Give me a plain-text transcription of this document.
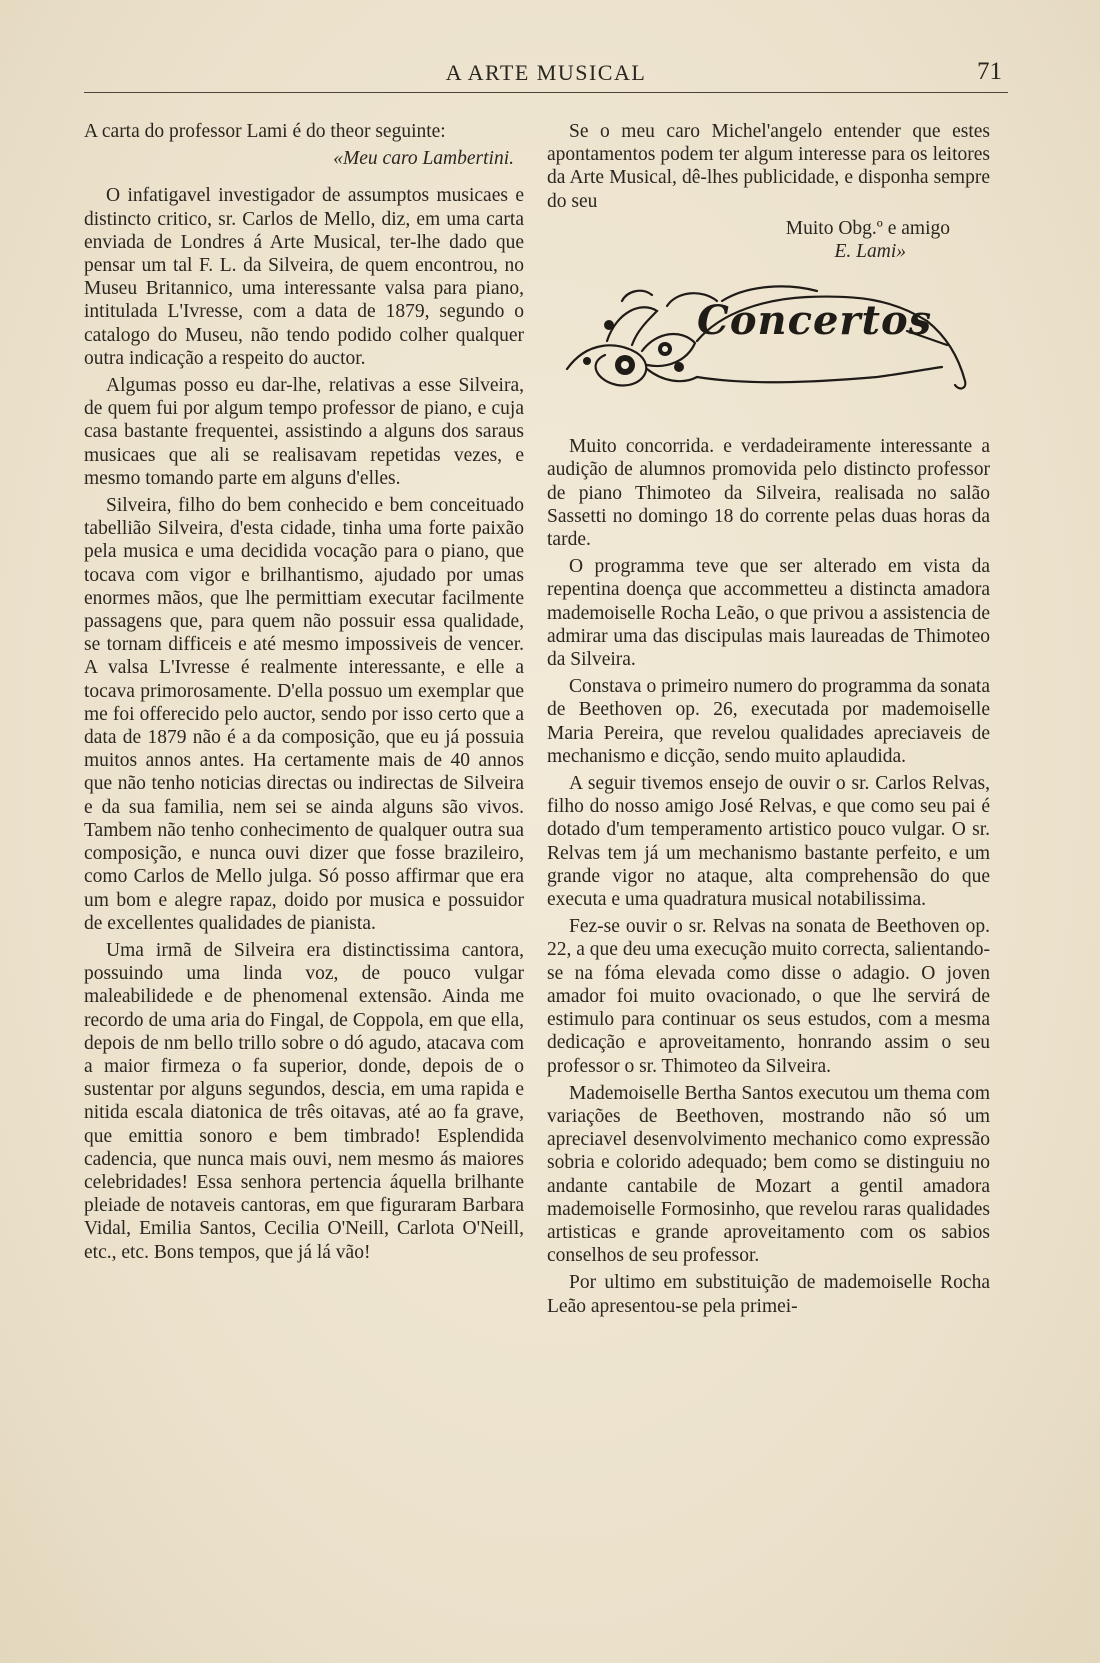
A ARTE MUSICAL	71

A carta do professor Lami é do theor seguinte:

«Meu caro Lambertini.

O infatigavel investigador de assumptos musicaes e distincto critico, sr. Carlos de Mello, diz, em uma carta enviada de Londres á Arte Musical, ter-lhe dado que pensar um tal F. L. da Silveira, de quem encontrou, no Museu Britannico, uma interessante valsa para piano, intitulada L'Ivresse, com a data de 1879, segundo o catalogo do Museu, não tendo podido colher qualquer outra indicação a respeito do auctor.

Algumas posso eu dar-lhe, relativas a esse Silveira, de quem fui por algum tempo professor de piano, e cuja casa bastante frequentei, assistindo a alguns dos saraus musicaes que ali se realisavam repetidas vezes, e mesmo tomando parte em alguns d'elles.

Silveira, filho do bem conhecido e bem conceituado tabellião Silveira, d'esta cidade, tinha uma forte paixão pela musica e uma decidida vocação para o piano, que tocava com vigor e brilhantismo, ajudado por umas enormes mãos, que lhe permittiam executar facilmente passagens que, para quem não possuir essa qualidade, se tornam difficeis e até mesmo impossiveis de vencer. A valsa L'Ivresse é realmente interessante, e elle a tocava primorosamente. D'ella possuo um exemplar que me foi offerecido pelo auctor, sendo por isso certo que a data de 1879 não é a da composição, que eu já possuia muitos annos antes. Ha certamente mais de 40 annos que não tenho noticias directas ou indirectas de Silveira e da sua familia, nem sei se ainda alguns são vivos. Tambem não tenho conhecimento de qualquer outra sua composição, e nunca ouvi dizer que fosse brazileiro, como Carlos de Mello julga. Só posso affirmar que era um bom e alegre rapaz, doido por musica e possuidor de excellentes qualidades de pianista.

Uma irmã de Silveira era distinctissima cantora, possuindo uma linda voz, de pouco vulgar maleabilidede e de phenomenal extensão. Ainda me recordo de uma aria do Fingal, de Coppola, em que ella, depois de nm bello trillo sobre o dó agudo, atacava com a maior firmeza o fa superior, donde, depois de o sustentar por alguns segundos, descia, em uma rapida e nitida escala diatonica de três oitavas, até ao fa grave, que emittia sonoro e bem timbrado! Esplendida cadencia, que nunca mais ouvi, nem mesmo ás maiores celebridades! Essa senhora pertencia áquella brilhante pleiade de notaveis cantoras, em que figuraram Barbara Vidal, Emilia Santos, Cecilia O'Neill, Carlota O'Neill, etc., etc. Bons tempos, que já lá vão!

Se o meu caro Michel'angelo entender que estes apontamentos podem ter algum interesse para os leitores da Arte Musical, dê-lhes publicidade, e disponha sempre do seu

Muito Obg.º e amigo
E. Lami»
Concertos

Muito concorrida. e verdadeiramente interessante a audição de alumnos promovida pelo distincto professor de piano Thimoteo da Silveira, realisada no salão Sassetti no domingo 18 do corrente pelas duas horas da tarde.

O programma teve que ser alterado em vista da repentina doença que accommetteu a distincta amadora mademoiselle Rocha Leão, o que privou a assistencia de admirar uma das discipulas mais laureadas de Thimoteo da Silveira.

Constava o primeiro numero do programma da sonata de Beethoven op. 26, executada por mademoiselle Maria Pereira, que revelou qualidades apreciaveis de mechanismo e dicção, sendo muito aplaudida.

A seguir tivemos ensejo de ouvir o sr. Carlos Relvas, filho do nosso amigo José Relvas, e que como seu pai é dotado d'um temperamento artistico pouco vulgar. O sr. Relvas tem já um mechanismo bastante perfeito, e um grande vigor no ataque, alta comprehensão do que executa e uma quadratura musical notabilissima.

Fez-se ouvir o sr. Relvas na sonata de Beethoven op. 22, a que deu uma execução muito correcta, salientando-se na fóma elevada como disse o adagio. O joven amador foi muito ovacionado, o que lhe servirá de estimulo para continuar os seus estudos, com a mesma dedicação e aproveitamento, honrando assim o seu professor o sr. Thimoteo da Silveira.

Mademoiselle Bertha Santos executou um thema com variações de Beethoven, mostrando não só um apreciavel desenvolvimento mechanico como expressão sobria e colorido adequado; bem como se distinguiu no andante cantabile de Mozart a gentil amadora mademoiselle Formosinho, que revelou raras qualidades artisticas e grande aproveitamento com os sabios conselhos de seu professor.

Por ultimo em substituição de mademoiselle Rocha Leão apresentou-se pela primei-
